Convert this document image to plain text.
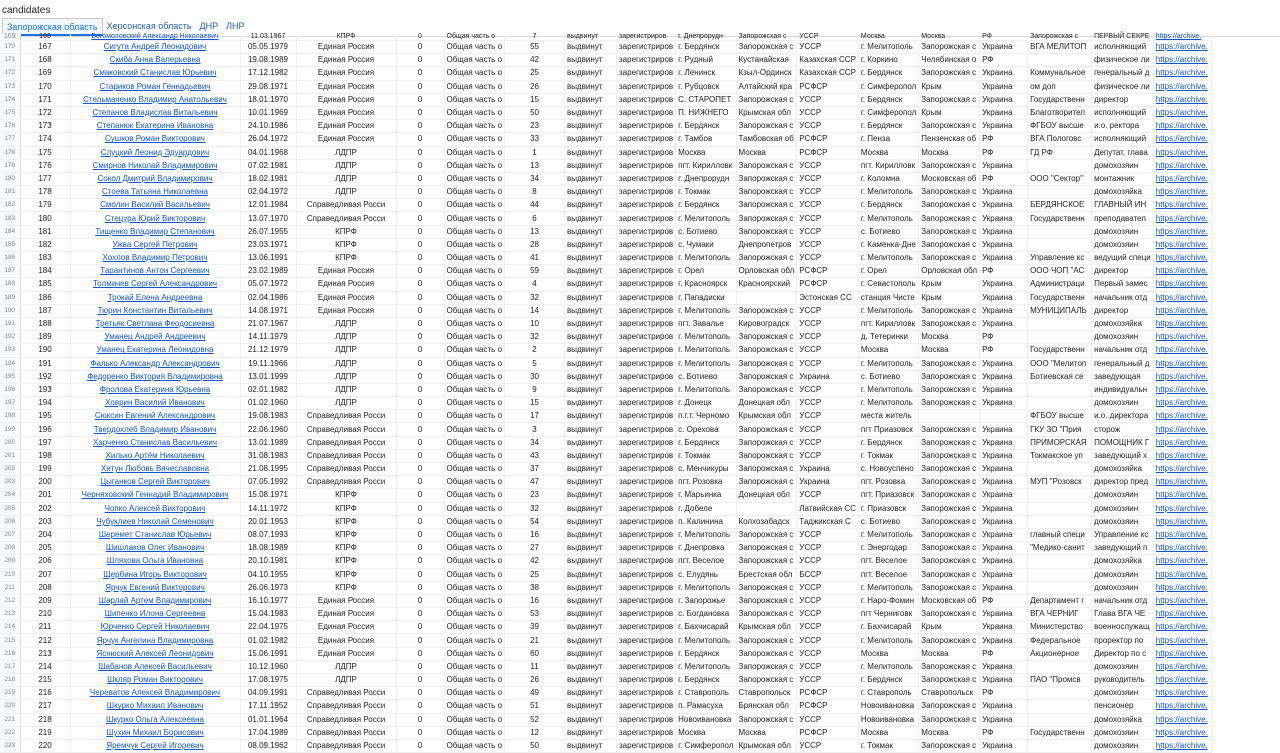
candidates
Запорожская область	Херсонская область ДНР ЛНР
169	166	Богомоловский Александр Николаевич	11.03.1967	КПРФ	0	Общая часть о	7	выдвинут	зарегистриров	г. Днепрорудн	Запорожская с	УССР	Москва	Москва	РФ	Запорожская с	ПЕРВЫЙ СЕКРЕ	https://archive.
170	167	Сигута Андрей Леонидович	05.05.1979	Единая Россия	0	Общая часть о	55	выдвинут	зарегистриров	г. Бердянск	Запорожская с	УССР	г. Мелитополь	Запорожская с	Украина	ВГА МЕЛИТОП	исполняющий	https://archive.
171	168	Скиба Анна Валерьевна	19.08.1989	Единая Россия	0	Общая часть о	42	выдвинут	зарегистриров	г. Рудный	Кустанайская	Казахская ССР	г. Коркино	Челябинская о	РФ		физическое ли	https://archive.
172	169	Смаковский Станислав Юрьевич	17.12.1982	Единая Россия	0	Общая часть о	25	выдвинут	зарегистриров	г. Ленинск	Кзыл-Ординск	Казахская ССР	г. Бердянск	Запорожская с	Украина	Коммунальное	генеральный д	https://archive.
173	170	Стариков Роман Геннадьевич	29.08.1971	Единая Россия	0	Общая часть о	26	выдвинут	зарегистриров	г. Рубцовск	Алтайский кра	РСФСР	г. Симферопол	Крым	Украина	ом доп	физическое ли	https://archive.
174	171	Стельмаченко Владимир Анатольевич	18.01.1970	Единая Россия	0	Общая часть о	15	выдвинут	зарегистриров	С. СТАРОПЕТ	Запорожская с	УССР	г. Бердянск	Запорожская с	Украина	Государственн	директор	https://archive.
175	172	Степанов Владислав Витальевич	10.01.1969	Единая Россия	0	Общая часть о	50	выдвинут	зарегистриров	П. НИЖНЕГО	Крымская обл	УССР	г. Симферопол	Крым	Украина	Благотворител	исполняющий	https://archive.
176	173	Степанюк Екатерина Ивановна	24.10.1986	Единая Россия	0	Общая часть о	23	выдвинут	зарегистриров	г. Бердянск	Запорожская с	УССР	г. Бердянск	Запорожская с	Украина	ФГБОУ высше	и.о. ректора	https://archive.
177	174	Сушков Роман Викторович	26.04.1972	Единая Россия	0	Общая часть о	33	выдвинут	зарегистриров	г. Тамбов	Тамбовская об	РСФСР	г. Пенза	Пензенская об	РФ	ВГА Пологовс	исполняющий	https://archive.
178	175	Слуцкий Леонид Эдуардович	04.01.1968	ЛДПР	0	Общая часть о	1	выдвинут	зарегистриров	Москва	Москва	РСФСР	Москва	Москва	РФ	ГД РФ	Депутат, глава	https://archive.
179	176	Смирнов Николай Владимирович	07.02.1981	ЛДПР	0	Общая часть о	13	выдвинут	зарегистриров	пгт. Кирилловк	Запорожская с	УССР	пгт. Кирилловк	Запорожская с	Украина		домохозяин	https://archive.
180	177	Сокол Дмитрий Владимирович	18.02.1981	ЛДПР	0	Общая часть о	34	выдвинут	зарегистриров	г. Днепрорудн	Запорожская с	УССР	г. Коломна	Московская об	РФ	ООО "Сектор"	монтажник	https://archive.
181	178	Стоева Татьяна Николаевна	02.04.1972	ЛДПР	0	Общая часть о	8	выдвинут	зарегистриров	г. Токмак	Запорожская с	УССР	г. Мелитополь	Запорожская с	Украина		домохозяйка	https://archive.
182	179	Смолин Василий Васильевич	12.01.1984	Справедливая Росси	0	Общая часть о	44	выдвинут	зарегистриров	г. Бердянск	Запорожская с	УССР	г. Бердянск	Запорожская с	Украина	БЕРДЯНСКОЕ	ГЛАВНЫЙ ИН	https://archive.
183	180	Стецура Юрий Викторович	13.07.1970	Справедливая Росси	0	Общая часть о	6	выдвинут	зарегистриров	г. Мелитополь	Запорожская с	УССР	г. Мелитополь	Запорожская с	Украина	Государственн	преподавател	https://archive.
184	181	Тищенко Владимир Степанович	26.07.1955	КПРФ	0	Общая часть о	13	выдвинут	зарегистриров	с. Ботиево	Запорожская с	УССР	с. Ботиево	Запорожская с	Украина		домохозяин	https://archive.
185	182	Ужва Сергей Петрович	23.03.1971	КПРФ	0	Общая часть о	28	выдвинут	зарегистриров	с. Чумаки	Днепропетров	УССР	г. Каменка-Дне	Запорожская с	Украина		домохозяин	https://archive.
186	183	Хохлов Владимир Петрович	13.06.1991	КПРФ	0	Общая часть о	41	выдвинут	зарегистриров	г. Мелитополь	Запорожская с	УССР	г. Мелитополь	Запорожская с	Украина	Управление кс	ведущий специ	https://archive.
187	184	Тарантинов Антон Сергеевич	23.02.1989	Единая Россия	0	Общая часть о	59	выдвинут	зарегистриров	г. Орел	Орловская обл	РСФСР	г. Орел	Орловская обл	РФ	ООО ЧОП "АС	директор	https://archive.
188	185	Толмачев Сергей Александрович	05.07.1972	Единая Россия	0	Общая часть о	4	выдвинут	зарегистриров	г. Красноярск	Красноярский	РСФСР	г. Севастополь	Крым	Украина	Администраци	Первый замес	https://archive.
189	186	Трокай Елена Андреевна	02.04.1986	Единая Россия	0	Общая часть о	32	выдвинут	зарегистриров	г. Пападиски		Эстонская СС	станция Чисте	Крым	Украина	Государственн	начальник отд	https://archive.
190	187	Тюрин Константин Витальевич	14.08.1971	Единая Россия	0	Общая часть о	14	выдвинут	зарегистриров	г. Мелитополь	Запорожская с	УССР	г. Мелитополь	Запорожская с	Украина	МУНИЦИПАЛЬ	директор	https://archive.
191	188	Третьяк Светлана Феодосиевна	21.07.1967	ЛДПР	0	Общая часть о	10	выдвинут	зарегистриров	пгт. Завалье	Кировоградск	УССР	пгт. Кирилловк	Запорожская с	Украина		домохозяйка	https://archive.
192	189	Уманец Андрей Андреевич	14.11.1979	ЛДПР	0	Общая часть о	32	выдвинут	зарегистриров	г. Мелитополь	Запорожская с	УССР	д. Тетеринки	Москва	РФ		домохозяин	https://archive.
193	190	Уманец Екатерина Леонидовна	21.12.1979	ЛДПР	0	Общая часть о	2	выдвинут	зарегистриров	г. Мелитополь	Запорожская с	УССР	Москва	Москва	РФ	Государственн	начальник отд	https://archive.
194	191	Фалько Александр Александрович	19.11.1966	ЛДПР	0	Общая часть о	5	выдвинут	зарегистриров	г. Мелитополь	Запорожская с	УССР	г. Мелитополь	Запорожская с	Украина	ООО "Мелитоп	генеральный д	https://archive.
195	192	Федоренко Виктория Владимировна	13.01.1999	ЛДПР	0	Общая часть о	30	выдвинут	зарегистриров	с. Ботиево	Запорожская с	Украина	с. Ботиево	Запорожская с	Украина	Ботиевская се	заведующая	https://archive.
196	193	Фролова Екатерина Юрьевна	02.01.1982	ЛДПР	0	Общая часть о	9	выдвинут	зарегистриров	г. Мелитополь	Запорожская с	УССР	г. Мелитополь	Запорожская с	Украина		индивидуальн	https://archive.
197	194	Ховрин Василий Иванович	01.02.1960	ЛДПР	0	Общая часть о	15	выдвинут	зарегистриров	г. Донецк	Донецкая обл	УССР	г. Мелитополь	Запорожская с	Украина		домохозяин	https://archive.
198	195	Сюксин Евгений Александрович	19.08.1983	Справедливая Росси	0	Общая часть о	17	выдвинут	зарегистриров	п.г.т. Черномо	Крымская обл	УССР	места житель			ФГБОУ высше	и.о. директора	https://archive.
199	196	Твердохлеб Владимир Иванович	22.06.1960	Справедливая Росси	0	Общая часть о	3	выдвинут	зарегистриров	с. Орехова	Запорожская с	УССР	пгт Приазовск	Запорожская с	Украина	ГКУ ЗО "Прия	сторож	https://archive.
200	197	Харченко Станислав Васильевич	13.01.1989	Справедливая Росси	0	Общая часть о	34	выдвинут	зарегистриров	г. Бердянск	Запорожская с	УССР	г. Бердянск	Запорожская с	Украина	ПРИМОРСКАЯ	ПОМОЩНИК Г	https://archive.
201	198	Хилько Артём Николаевич	31.08.1983	Справедливая Росси	0	Общая часть о	43	выдвинут	зарегистриров	г. Токмак	Запорожская с	УССР	г. Токмак	Запорожская с	Украина	Токмакское уп	заведующий х	https://archive.
202	199	Хитун Любовь Вячеславовна	21.08.1995	Справедливая Росси	0	Общая часть о	37	выдвинут	зарегистриров	с. Менчикуры	Запорожская с	Украина	с. Новоуспено	Запорожская с	Украина		домохозяйка	https://archive.
203	200	Цыганков Сергей Викторович	07.05.1992	Справедливая Росси	0	Общая часть о	47	выдвинут	зарегистриров	пгт. Розовка	Запорожская с	Украина	пгт. Розовка	Запорожская с	Украина	МУП "Розовск	директор пред	https://archive.
204	201	Черняховский Геннадий Владимирович	15.08.1971	КПРФ	0	Общая часть о	23	выдвинут	зарегистриров	г. Марьинка	Донецкая обл	УССР	пгт. Приазовск	Запорожская с	Украина		домохозяин	https://archive.
205	202	Чопко Алексей Викторович	14.11.1972	КПРФ	0	Общая часть о	32	выдвинут	зарегистриров	г. Добеле		Латвийская СС	г. Приазовск	Запорожская с	Украина		домохозяин	https://archive.
206	203	Чубуклиев Николай Семенович	20.01.1953	КПРФ	0	Общая часть о	54	выдвинут	зарегистриров	п. Калинина	Колхозабадск	Таджикская С	с. Ботиево	Запорожская с	Украина		домохозяин	https://archive.
207	204	Шеремет Станислав Юрьевич	08.07.1993	КПРФ	0	Общая часть о	16	выдвинут	зарегистриров	г. Мелитополь	Запорожская с	УССР	г. Мелитополь	Запорожская с	Украина	главный специ	Управление кс	https://archive.
208	205	Шишлаков Олег Иванович	18.08.1989	КПРФ	0	Общая часть о	27	выдвинут	зарегистриров	г. Днепровка	Запорожская с	УССР	г. Энергодар	Запорожская с	Украина	"Медико-санит	заведующий п	https://archive.
209	206	Шляхова Ольга Ивановна	20.10.1981	КПРФ	0	Общая часть о	42	выдвинут	зарегистриров	пгт. Веселое	Запорожская с	УССР	пгт. Веселое	Запорожская с	Украина		домохозяйка	https://archive.
210	207	Щербина Игорь Викторович	04.10.1955	КПРФ	0	Общая часть о	25	выдвинут	зарегистриров	с. Елудянь	Брестская обл	БССР	пгт. Веселое	Запорожская с	Украина		домохозяин	https://archive.
211	208	Ярчук Евгений Викторович	26.06.1973	КПРФ	0	Общая часть о	38	выдвинут	зарегистриров	г. Мелитополь	Запорожская с	УССР	г. Мелитополь	Запорожская с	Украина		домохозяин	https://archive.
212	209	Шарлай Артем Владимирович	16.10.1977	Единая Россия	0	Общая часть о	16	выдвинут	зарегистриров	г. Запорожье	Запорожская с	УССР	г. Наро-Фомин	Московская об	РФ	Департамент г	начальник отд	https://archive.
213	210	Шипенко Илона Сергеевна	15.04.1983	Единая Россия	0	Общая часть о	53	выдвинут	зарегистриров	с. Богдановка	Запорожская с	УССР	пгт Черниговк	Запорожская с	Украина	ВГА ЧЕРНИГ	Глава ВГА ЧЕ	https://archive.
214	211	Юрченко Сергей Николаевич	22.04.1975	Единая Россия	0	Общая часть о	39	выдвинут	зарегистриров	г. Бахчисарай	Крымская обл	УССР	г. Бахчисарай	Крым	Украина	Министерство	военнослужащ	https://archive.
215	212	Ярчук Ангелина Владимировна	01.02.1982	Единая Россия	0	Общая часть о	21	выдвинут	зарегистриров	г. Мелитополь	Запорожская с	УССР	г. Мелитополь	Запорожская с	Украина	Федеральное	проректор по	https://archive.
216	213	Яснюский Алексей Леонидович	15.06.1991	Единая Россия	0	Общая часть о	60	выдвинут	зарегистриров	г. Бердянск	Запорожская с	УССР	Москва	Москва	РФ	Акционерное	Директор по с	https://archive.
217	214	Шабанов Алексей Васильевич	10.12.1960	ЛДПР	0	Общая часть о	11	выдвинут	зарегистриров	г. Мелитополь	Запорожская с	УССР	г. Мелитополь	Запорожская с	Украина		домохозяин	https://archive.
218	215	Шкляр Роман Викторович	17.08.1975	ЛДПР	0	Общая часть о	26	выдвинут	зарегистриров	г. Бердянск	Запорожская с	УССР	г. Бердянск	Запорожская с	Украина	ПАО "Промсв	руководитель	https://archive.
219	216	Череватов Алексей Владимирович	04.09.1991	Справедливая Росси	0	Общая часть о	49	выдвинут	зарегистриров	г. Ставрополь	Ставропольск	РСФСР	г. Ставрополь	Ставропольск	РФ		домохозяин	https://archive.
220	217	Шкурко Михаил Иванович	17.11.1952	Справедливая Росси	0	Общая часть о	51	выдвинут	зарегистриров	п. Рамасуха	Брянская обл	РСФСР	Новоивановка	Запорожская с	Украина		пенсионер	https://archive.
221	218	Шкурко Ольга Алексеевна	01.01.1964	Справедливая Росси	0	Общая часть о	52	выдвинут	зарегистриров	Новоивановка	Запорожская с	УССР	Новоивановка	Запорожская с	Украина		домохозяйка	https://archive.
222	219	Шухин Михаил Борисович	17.04.1989	Справедливая Росси	0	Общая часть о	12	выдвинут	зарегистриров	Москва	Москва	РСФСР	Москва	Москва	РФ	Государственн	домохозяин	https://archive.
223	220	Яремчук Сергей Игоревич	08.09.1962	Справедливая Росси	0	Общая часть о	50	выдвинут	зарегистриров	г. Симферопол	Крымская обл	УССР	г. Токмак	Запорожская с	Украина		домохозяин	https://archive.
